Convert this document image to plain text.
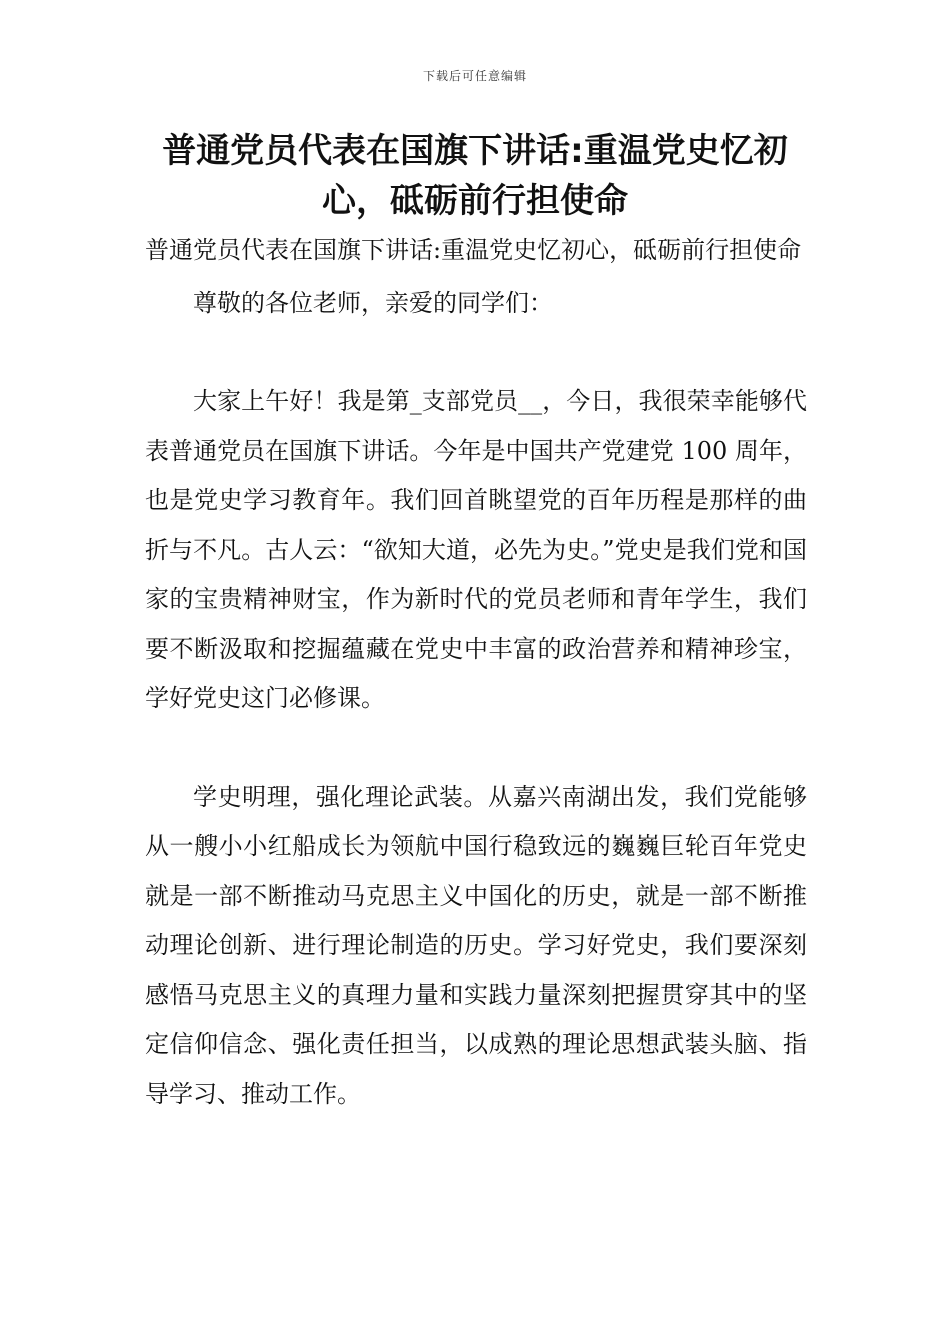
下载后可任意编辑
普通党员代表在国旗下讲话:重温党史忆初心，砥砺前行担使命

普通党员代表在国旗下讲话:重温党史忆初心，砥砺前行担使命

尊敬的各位老师，亲爱的同学们：

大家上午好！我是第_支部党员__，今日，我很荣幸能够代表普通党员在国旗下讲话。今年是中国共产党建党 100 周年，也是党史学习教育年。我们回首眺望党的百年历程是那样的曲折与不凡。古人云：“欲知大道，必先为史。”党史是我们党和国家的宝贵精神财宝，作为新时代的党员老师和青年学生，我们要不断汲取和挖掘蕴藏在党史中丰富的政治营养和精神珍宝，学好党史这门必修课。

学史明理，强化理论武装。从嘉兴南湖出发，我们党能够从一艘小小红船成长为领航中国行稳致远的巍巍巨轮百年党史就是一部不断推动马克思主义中国化的历史，就是一部不断推动理论创新、进行理论制造的历史。学习好党史，我们要深刻感悟马克思主义的真理力量和实践力量深刻把握贯穿其中的坚定信仰信念、强化责任担当，以成熟的理论思想武装头脑、指导学习、推动工作。
